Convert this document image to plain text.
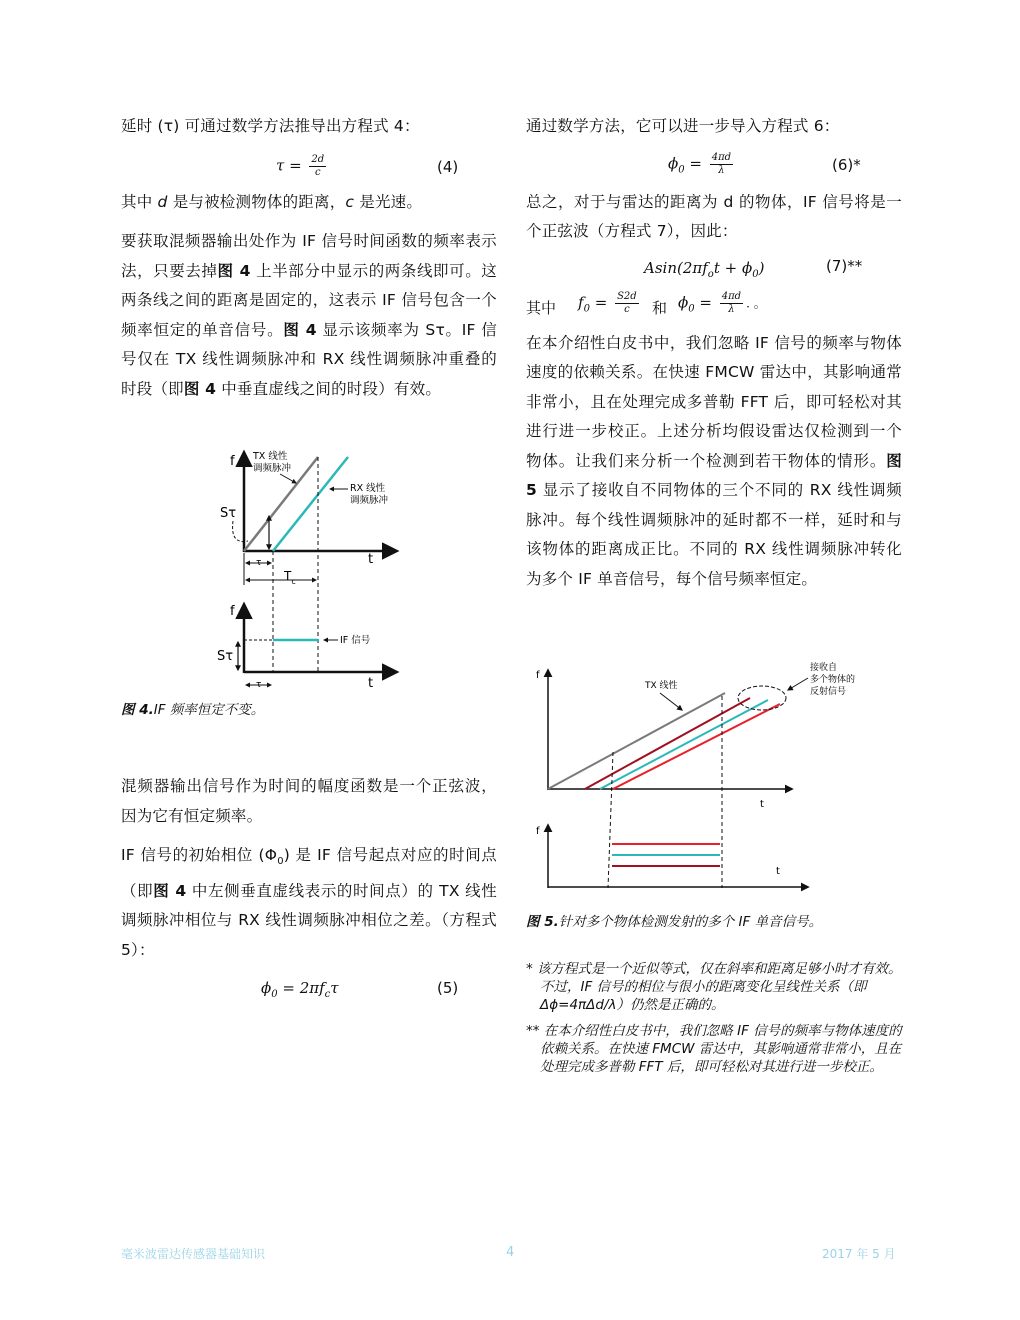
延时 (τ) 可通过数学方法推导出方程式 4：

$\tau = \frac{2d}{c}$	(4)

其中 d 是与被检测物体的距离，c 是光速。

要获取混频器输出处作为 IF 信号时间函数的频率表示法，只要去掉图 4 上半部分中显示的两条线即可。这两条线之间的距离是固定的，这表示 IF 信号包含一个频率恒定的单音信号。图 4 显示该频率为 Sτ。IF 信号仅在 TX 线性调频脉冲和 RX 线性调频脉冲重叠的时段（即图 4 中垂直虚线之间的时段）有效。

f
t
TX 线性
调频脉冲
RX 线性
调频脉冲
Sτ
τ
$T_c$
f
t
IF 信号
Sτ
τ

图 4.IF 频率恒定不变。

混频器输出信号作为时间的幅度函数是一个正弦波，因为它有恒定频率。

IF 信号的初始相位 $(\Phi_0)$ 是 IF 信号起点对应的时间点（即图 4 中左侧垂直虚线表示的时间点）的 TX 线性调频脉冲相位与 RX 线性调频脉冲相位之差。（方程式 5）：

$\phi_0 = 2\pi f_c\tau$	(5)

通过数学方法，它可以进一步导入方程式 6：

$\phi_0 = \frac{4\pi d}{\lambda}$	(6)*

总之，对于与雷达的距离为 d 的物体，IF 信号将是一个正弦波（方程式 7），因此：

$Asin(2\pi f_ot + \phi_0)$	(7)**
其中 $f_0 = \frac{S2d}{c}$ 和 $\phi_0 = \frac{4\pi d}{\lambda}$ . 。

在本介绍性白皮书中，我们忽略 IF 信号的频率与物体速度的依赖关系。在快速 FMCW 雷达中，其影响通常非常小，且在处理完成多普勒 FFT 后，即可轻松对其进行进一步校正。上述分析均假设雷达仅检测到一个物体。让我们来分析一个检测到若干物体的情形。图 5 显示了接收自不同物体的三个不同的 RX 线性调频脉冲。每个线性调频脉冲的延时都不一样，延时和与该物体的距离成正比。不同的 RX 线性调频脉冲转化为多个 IF 单音信号，每个信号频率恒定。

f
t
TX 线性
接收自
多个物体的
反射信号
f
t

图 5.针对多个物体检测发射的多个 IF 单音信号。

* 该方程式是一个近似等式，仅在斜率和距离足够小时才有效。不过，IF 信号的相位与很小的距离变化呈线性关系（即 Δϕ=4πΔd/λ）仍然是正确的。

** 在本介绍性白皮书中，我们忽略 IF 信号的频率与物体速度的依赖关系。在快速 FMCW 雷达中，其影响通常非常小，且在处理完成多普勒 FFT 后，即可轻松对其进行进一步校正。

毫米波雷达传感器基础知识	4	2017 年 5 月
